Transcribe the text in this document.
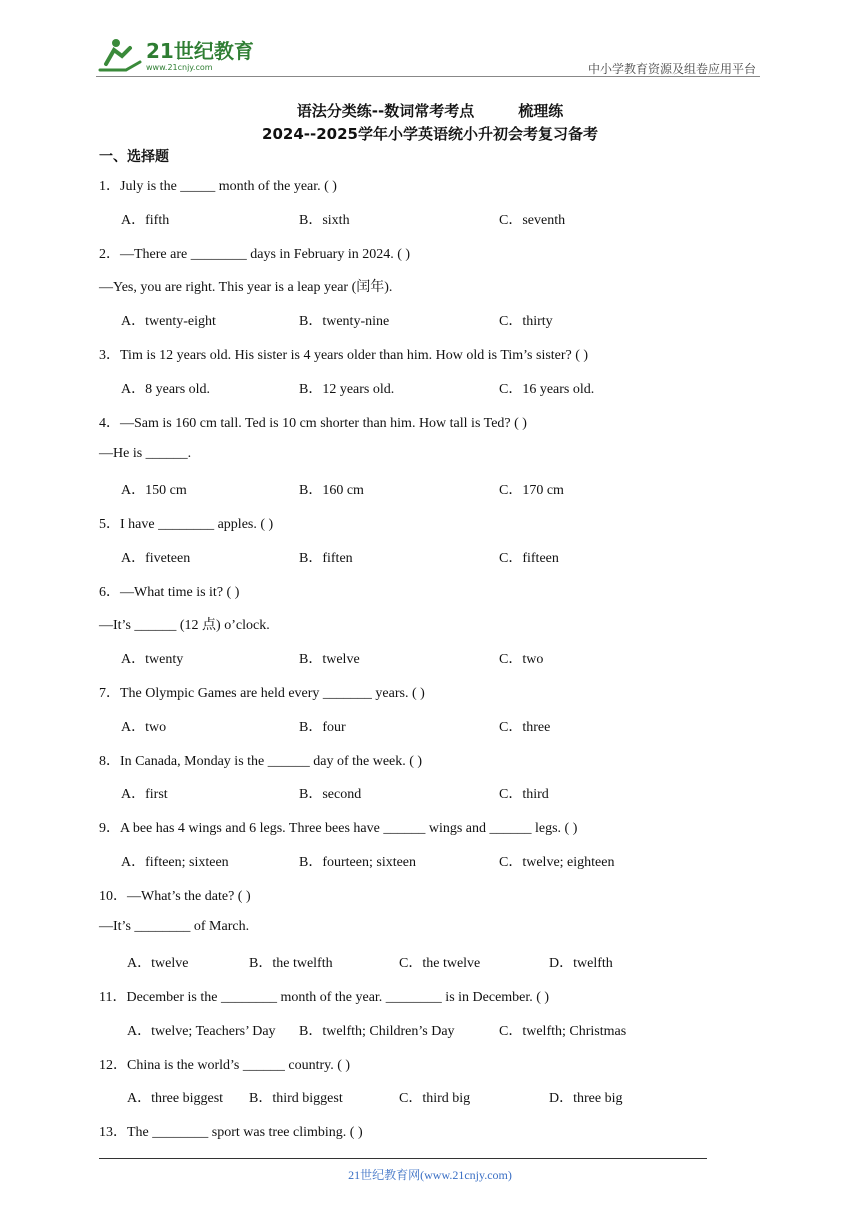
21世纪教育
www.21cnjy.com	中小学教育资源及组卷应用平台
语法分类练--数词常考考点	梳理练
2024--2025学年小学英语统小升初会考复习备考
一、选择题
1．July is the _____ month of the year. ( )
A．fifth	B．sixth	C．seventh
2．—There are ________ days in February in 2024. ( )
—Yes, you are right. This year is a leap year (闰年).
A．twenty-eight	B．twenty-nine	C．thirty
3．Tim is 12 years old. His sister is 4 years older than him. How old is Tim’s sister? ( )
A．8 years old.	B．12 years old.	C．16 years old.
4．—Sam is 160 cm tall. Ted is 10 cm shorter than him. How tall is Ted? ( )
—He is ______.
A．150 cm	B．160 cm	C．170 cm
5．I have ________ apples. ( )
A．fiveteen	B．fiften	C．fifteen
6．—What time is it? ( )
—It’s ______ (12 点) o’clock.
A．twenty	B．twelve	C．two
7．The Olympic Games are held every _______ years. ( )
A．two	B．four	C．three
8．In Canada, Monday is the ______ day of the week. ( )
A．first	B．second	C．third
9．A bee has 4 wings and 6 legs. Three bees have ______ wings and ______ legs. ( )
A．fifteen; sixteen	B．fourteen; sixteen	C．twelve; eighteen
10．—What’s the date? ( )
—It’s ________ of March.
A．twelve	B．the twelfth	C．the twelve	D．twelfth
11．December is the ________ month of the year. ________ is in December. ( )
A．twelve; Teachers’ Day B．twelfth; Children’s Day	C．twelfth; Christmas
12．China is the world’s ______ country. ( )
A．three biggest B．third biggest	C．third big	D．three big
13．The ________ sport was tree climbing. ( )
21世纪教育网(www.21cnjy.com)
